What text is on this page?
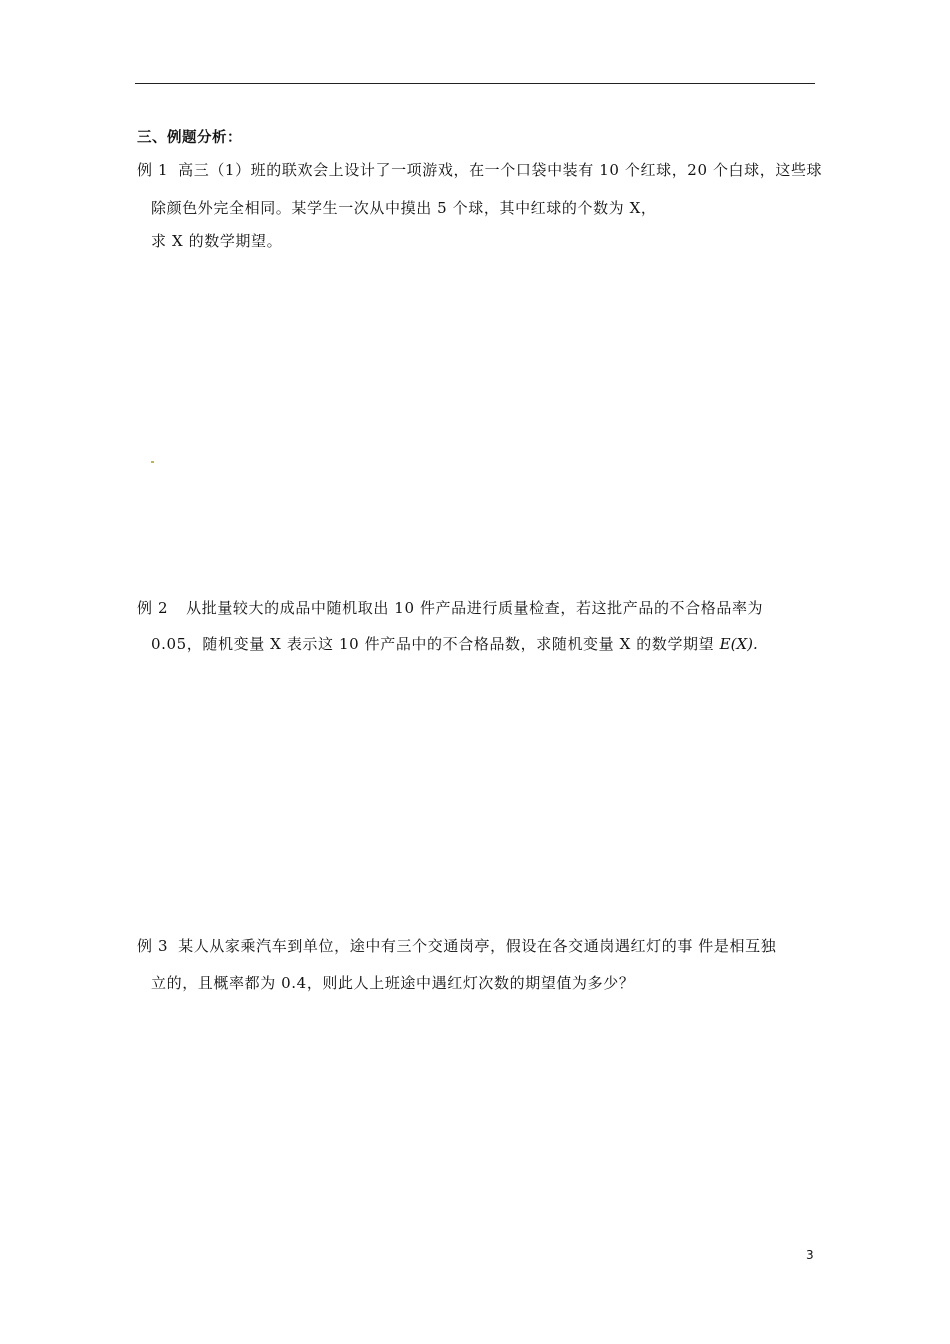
三、例题分析：
例 1 高三（1）班的联欢会上设计了一项游戏，在一个口袋中装有 10 个红球，20 个白球，这些球
除颜色外完全相同。某学生一次从中摸出 5 个球，其中红球的个数为 X，
求 X 的数学期望。
例 2 从批量较大的成品中随机取出 10 件产品进行质量检查，若这批产品的不合格品率为
0.05，随机变量 X 表示这 10 件产品中的不合格品数，求随机变量 X 的数学期望 E(X).
例 3 某人从家乘汽车到单位，途中有三个交通岗亭，假设在各交通岗遇红灯的事 件是相互独
立的，且概率都为 0.4，则此人上班途中遇红灯次数的期望值为多少？
3
